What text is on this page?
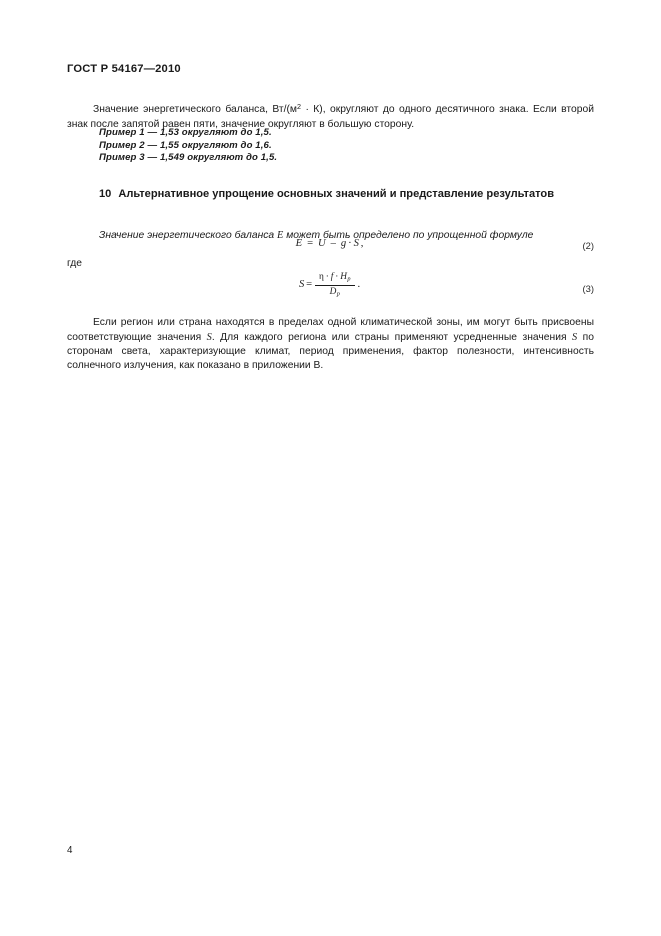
ГОСТ Р 54167—2010

Значение энергетического баланса, $Вт/(м^2 \cdot К)$, округляют до одного десятичного знака. Если второй знак после запятой равен пяти, значение округляют в большую сторону.

Пример 1 — 1,53 округляют до 1,5.
Пример 2 — 1,55 округляют до 1,6.
Пример 3 — 1,549 округляют до 1,5.
10 Альтернативное упрощение основных значений и представление результатов

Значение энергетического баланса E может быть определено по упрощенной формуле

E = U – g · S ,	(2)
где
$S = \frac{\eta \cdot f \cdot H_p}{D_p}$ .	(3)

Если регион или страна находятся в пределах одной климатической зоны, им могут быть присвоены соответствующие значения S. Для каждого региона или страны применяют усредненные значения S по сторонам света, характеризующие климат, период применения, фактор полезности, интенсивность солнечного излучения, как показано в приложении В.

4
